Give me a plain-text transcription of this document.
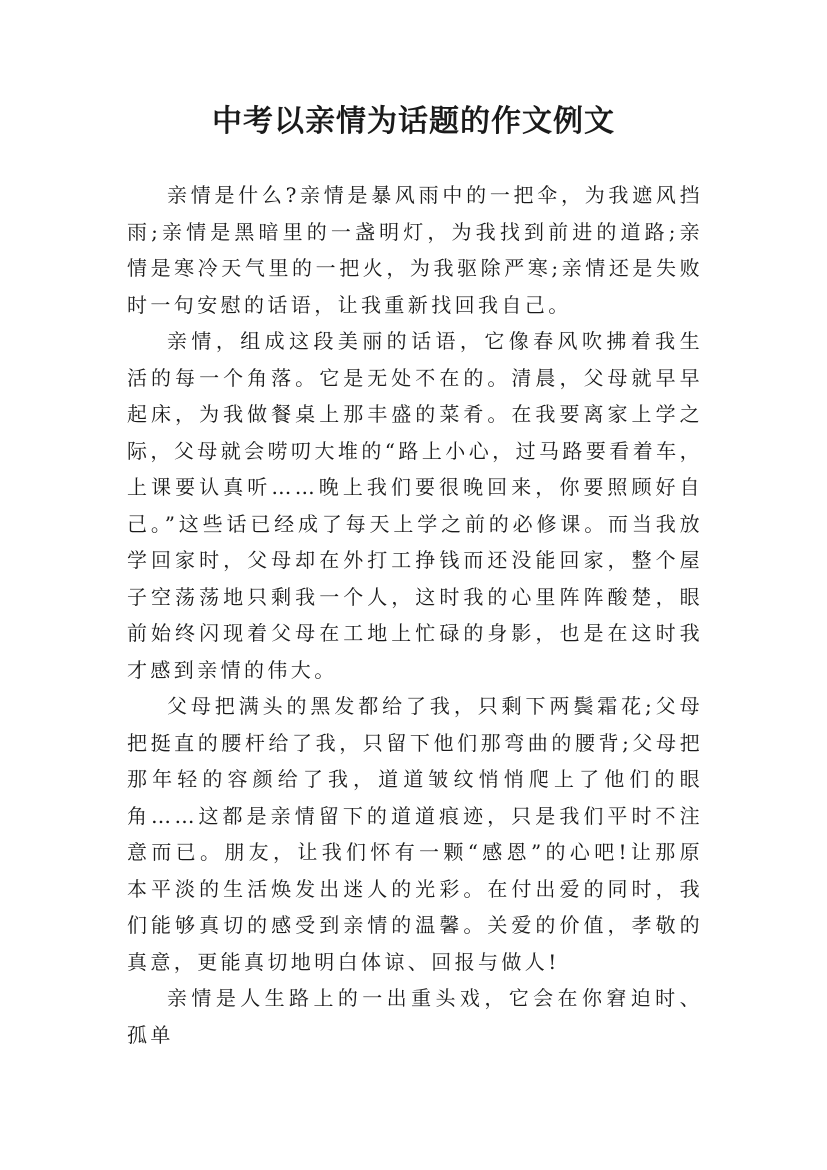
中考以亲情为话题的作文例文

亲情是什么?亲情是暴风雨中的一把伞，为我遮风挡雨;亲情是黑暗里的一盏明灯，为我找到前进的道路;亲情是寒冷天气里的一把火，为我驱除严寒;亲情还是失败时一句安慰的话语，让我重新找回我自己。

亲情，组成这段美丽的话语，它像春风吹拂着我生活的每一个角落。它是无处不在的。清晨，父母就早早起床，为我做餐桌上那丰盛的菜肴。在我要离家上学之际，父母就会唠叨大堆的“路上小心，过马路要看着车，上课要认真听……晚上我们要很晚回来，你要照顾好自己。”这些话已经成了每天上学之前的必修课。而当我放学回家时，父母却在外打工挣钱而还没能回家，整个屋子空荡荡地只剩我一个人，这时我的心里阵阵酸楚，眼前始终闪现着父母在工地上忙碌的身影，也是在这时我才感到亲情的伟大。

父母把满头的黑发都给了我，只剩下两鬓霜花;父母把挺直的腰杆给了我，只留下他们那弯曲的腰背;父母把那年轻的容颜给了我，道道皱纹悄悄爬上了他们的眼角……这都是亲情留下的道道痕迹，只是我们平时不注意而已。朋友，让我们怀有一颗“感恩”的心吧!让那原本平淡的生活焕发出迷人的光彩。在付出爱的同时，我们能够真切的感受到亲情的温馨。关爱的价值，孝敬的真意，更能真切地明白体谅、回报与做人!

亲情是人生路上的一出重头戏，它会在你窘迫时、孤单
